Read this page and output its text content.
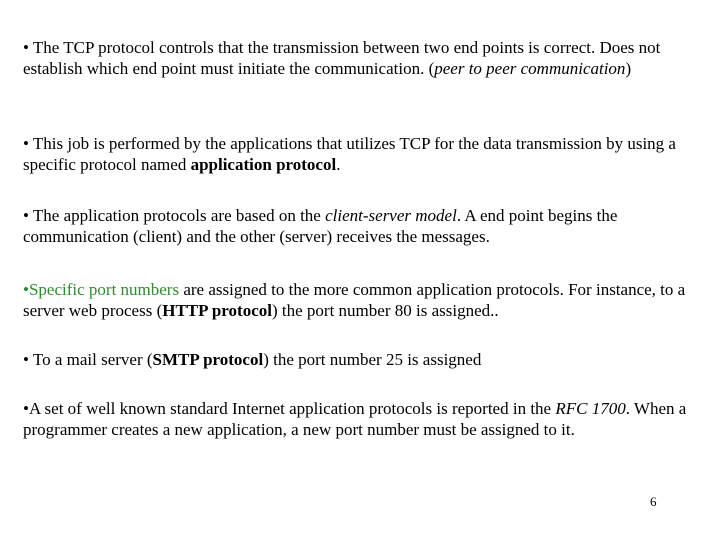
• The TCP protocol controls that the transmission between two end points is correct. Does not establish which end point must initiate the communication. (peer to peer communication)

• This job is performed by the applications that utilizes TCP for the data transmission by using a specific protocol named application protocol.

• The application protocols are based on the client-server model. A end point begins the communication (client) and the other (server) receives the messages.

•Specific port numbers are assigned to the more common application protocols. For instance, to a server web process (HTTP protocol) the port number 80 is assigned..

• To a mail server (SMTP protocol) the port number 25 is assigned

•A set of well known standard Internet application protocols is reported in the RFC 1700. When a programmer creates a new application, a new port number must be assigned to it.

6
